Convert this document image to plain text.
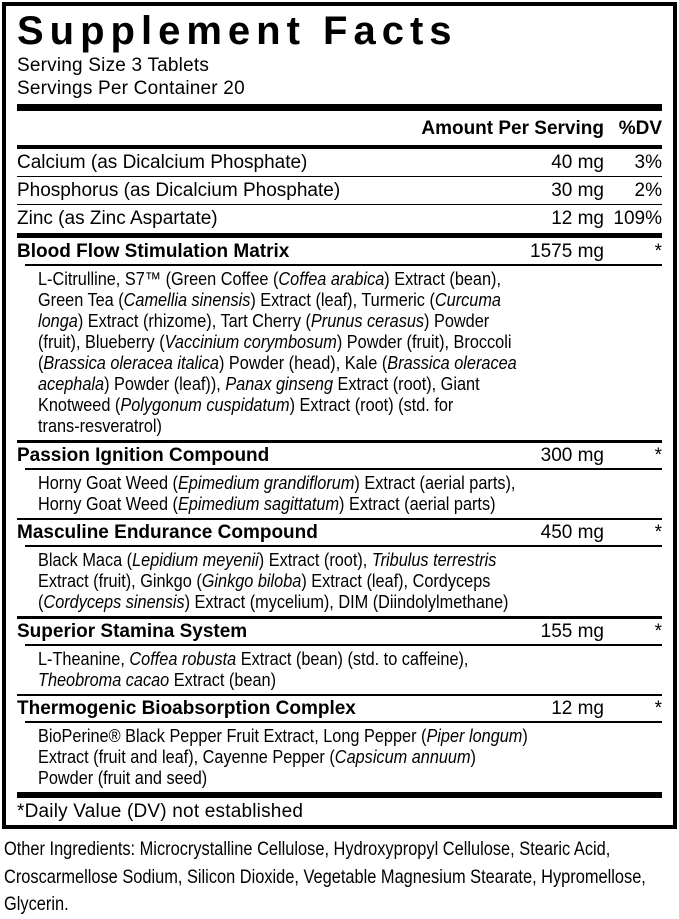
Supplement Facts
Serving Size 3 Tablets
Servings Per Container 20
Amount Per Serving %DV
Calcium (as Dicalcium Phosphate)	40 mg	3%
Phosphorus (as Dicalcium Phosphate)	30 mg	2%
Zinc (as Zinc Aspartate)	12 mg 109%
Blood Flow Stimulation Matrix	1575 mg	*
L-Citrulline, S7™ (Green Coffee (Coffea arabica) Extract (bean),
Green Tea (Camellia sinensis) Extract (leaf), Turmeric (Curcuma
longa) Extract (rhizome), Tart Cherry (Prunus cerasus) Powder
(fruit), Blueberry (Vaccinium corymbosum) Powder (fruit), Broccoli
(Brassica oleracea italica) Powder (head), Kale (Brassica oleracea
acephala) Powder (leaf)), Panax ginseng Extract (root), Giant
Knotweed (Polygonum cuspidatum) Extract (root) (std. for
trans-resveratrol)
Passion Ignition Compound	300 mg	*
Horny Goat Weed (Epimedium grandiflorum) Extract (aerial parts),
Horny Goat Weed (Epimedium sagittatum) Extract (aerial parts)
Masculine Endurance Compound	450 mg	*
Black Maca (Lepidium meyenii) Extract (root), Tribulus terrestris
Extract (fruit), Ginkgo (Ginkgo biloba) Extract (leaf), Cordyceps
(Cordyceps sinensis) Extract (mycelium), DIM (Diindolylmethane)
Superior Stamina System	155 mg	*
L-Theanine, Coffea robusta Extract (bean) (std. to caffeine),
Theobroma cacao Extract (bean)
Thermogenic Bioabsorption Complex	12 mg	*
BioPerine® Black Pepper Fruit Extract, Long Pepper (Piper longum)
Extract (fruit and leaf), Cayenne Pepper (Capsicum annuum)
Powder (fruit and seed)
*Daily Value (DV) not established
Other Ingredients: Microcrystalline Cellulose, Hydroxypropyl Cellulose, Stearic Acid,
Croscarmellose Sodium, Silicon Dioxide, Vegetable Magnesium Stearate, Hypromellose,
Glycerin.
